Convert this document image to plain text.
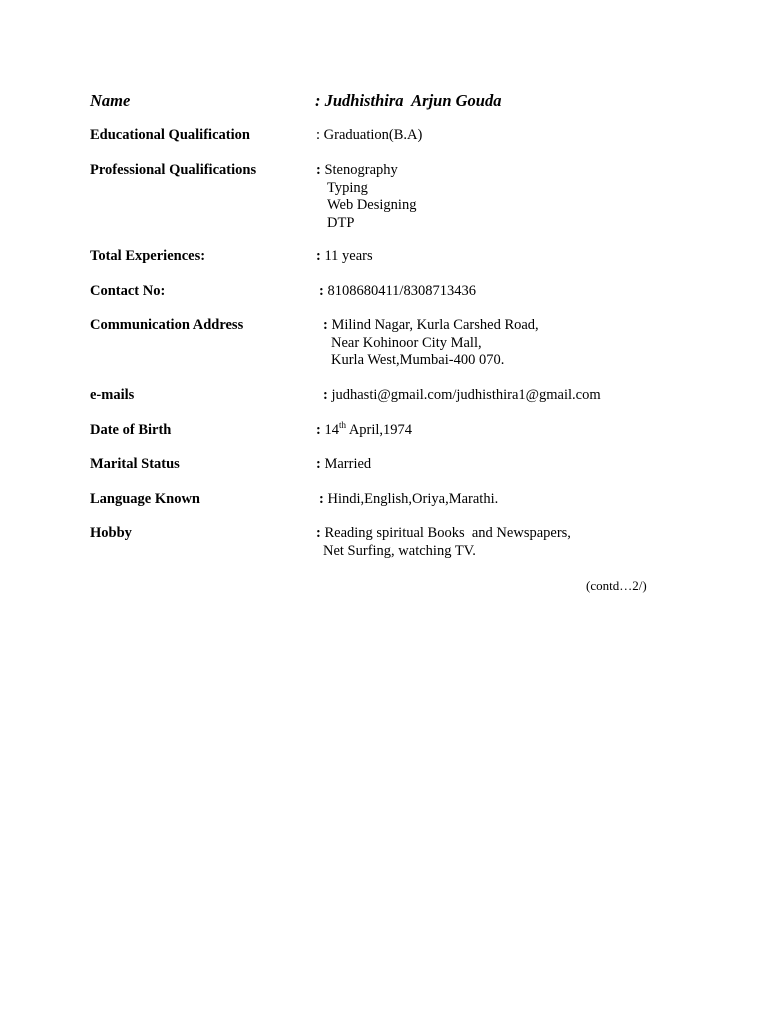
Name	: Judhisthira  Arjun Gouda
Educational Qualification	: Graduation(B.A)
Professional Qualifications	: Stenography
Typing
Web Designing
DTP
Total Experiences:	: 11 years
Contact No:	: 8108680411/8308713436
Communication Address	: Milind Nagar, Kurla Carshed Road,
Near Kohinoor City Mall,
Kurla West,Mumbai-400 070.
e-mails	: judhasti@gmail.com/judhisthira1@gmail.com
Date of Birth	: 14th April,1974
Marital Status	: Married
Language Known	: Hindi,English,Oriya,Marathi.
Hobby	: Reading spiritual Books  and Newspapers,
Net Surfing, watching TV.
(contd…2/)
